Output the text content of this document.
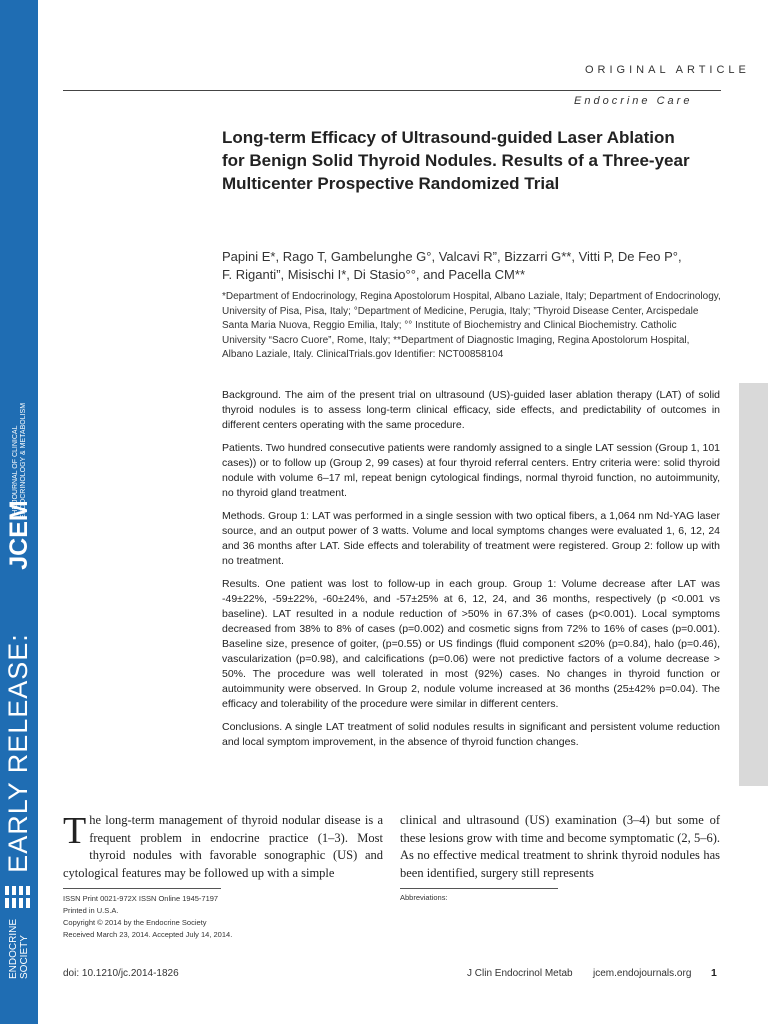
EARLY RELEASE:
JCEM
THE JOURNAL OF CLINICAL ENDOCRINOLOGY & METABOLISM
ENDOCRINE SOCIETY
ORIGINAL ARTICLE
Endocrine Care
Long-term Efficacy of Ultrasound-guided Laser Ablation for Benign Solid Thyroid Nodules. Results of a Three-year Multicenter Prospective Randomized Trial
Papini E*, Rago T, Gambelunghe G°, Valcavi R”, Bizzarri G**, Vitti P, De Feo P°,
F. Riganti”, Misischi I*, Di Stasio°°, and Pacella CM**
*Department of Endocrinology, Regina Apostolorum Hospital, Albano Laziale, Italy; Department of Endocrinology, University of Pisa, Pisa, Italy; °Department of Medicine, Perugia, Italy; ”Thyroid Disease Center, Arcispedale Santa Maria Nuova, Reggio Emilia, Italy; °° Institute of Biochemistry and Clinical Biochemistry. Catholic University “Sacro Cuore”, Rome, Italy; **Department of Diagnostic Imaging, Regina Apostolorum Hospital, Albano Laziale, Italy. ClinicalTrials.gov Identifier: NCT00858104

Background. The aim of the present trial on ultrasound (US)-guided laser ablation therapy (LAT) of solid thyroid nodules is to assess long-term clinical efficacy, side effects, and predictability of outcomes in different centers operating with the same procedure.

Patients. Two hundred consecutive patients were randomly assigned to a single LAT session (Group 1, 101 cases)) or to follow up (Group 2, 99 cases) at four thyroid referral centers. Entry criteria were: solid thyroid nodule with volume 6–17 ml, repeat benign cytological findings, normal thyroid function, no autoimmunity, no thyroid gland treatment.

Methods. Group 1: LAT was performed in a single session with two optical fibers, a 1,064 nm Nd-YAG laser source, and an output power of 3 watts. Volume and local symptoms changes were evaluated 1, 6, 12, 24 and 36 months after LAT. Side effects and tolerability of treatment were registered. Group 2: follow up with no treatment.

Results. One patient was lost to follow-up in each group. Group 1: Volume decrease after LAT was -49±22%, -59±22%, -60±24%, and -57±25% at 6, 12, 24, and 36 months, respectively (p <0.001 vs baseline). LAT resulted in a nodule reduction of >50% in 67.3% of cases (p<0.001). Local symptoms decreased from 38% to 8% of cases (p=0.002) and cosmetic signs from 72% to 16% of cases (p=0.001). Baseline size, presence of goiter, (p=0.55) or US findings (fluid component ≤20% (p=0.84), halo (p=0.46), vascularization (p=0.98), and calcifications (p=0.06) were not predictive factors of a volume decrease > 50%. The procedure was well tolerated in most (92%) cases. No changes in thyroid function or autoimmunity were observed. In Group 2, nodule volume increased at 36 months (25±42% p=0.04). The efficacy and tolerability of the procedure were similar in different centers.

Conclusions. A single LAT treatment of solid nodules results in significant and persistent volume reduction and local symptom improvement, in the absence of thyroid function changes.

The long-term management of thyroid nodular disease is a frequent problem in endocrine practice (1–3). Most thyroid nodules with favorable sonographic (US) and cytological features may be followed up with a simple
clinical and ultrasound (US) examination (3–4) but some of these lesions grow with time and become symptomatic (2, 5–6). As no effective medical treatment to shrink thyroid nodules has been identified, surgery still represents
ISSN Print 0021-972X ISSN Online 1945-7197
Printed in U.S.A.
Copyright © 2014 by the Endocrine Society
Received March 23, 2014. Accepted July 14, 2014.
Abbreviations:
doi: 10.1210/jc.2014-1826	J Clin Endocrinol Metab jcem.endojournals.org 1
